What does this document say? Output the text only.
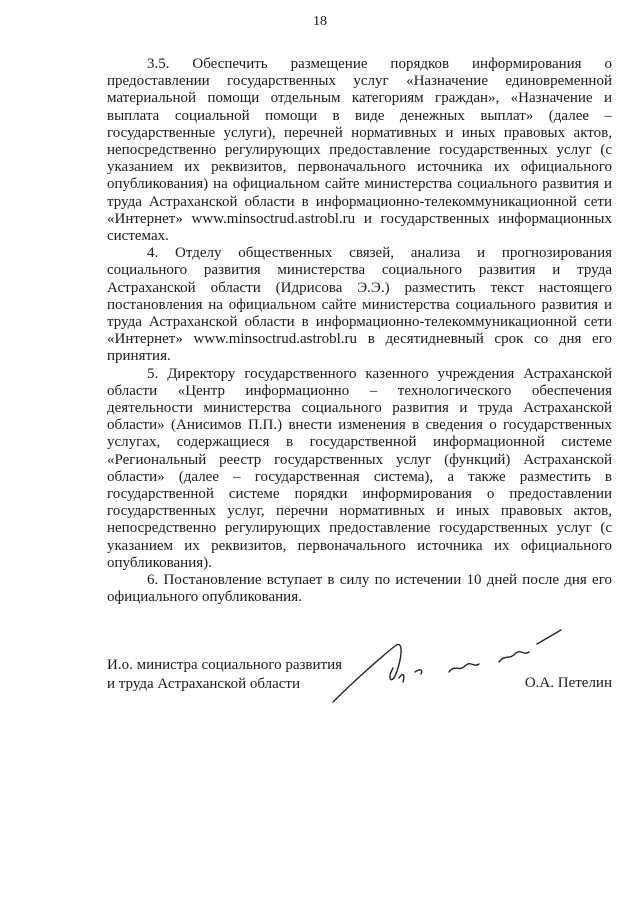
18

3.5. Обеспечить размещение порядков информирования о предоставлении государственных услуг «Назначение единовременной материальной помощи отдельным категориям граждан», «Назначение и выплата социальной помощи в виде денежных выплат» (далее – государственные услуги), перечней нормативных и иных правовых актов, непосредственно регулирующих предоставление государственных услуг (с указанием их реквизитов, первоначального источника их официального опубликования) на официальном сайте министерства социального развития и труда Астраханской области в информационно-телекоммуникационной сети «Интернет» www.minsoctrud.astrobl.ru и государственных информационных системах.

4. Отделу общественных связей, анализа и прогнозирования социального развития министерства социального развития и труда Астраханской области (Идрисова Э.Э.) разместить текст настоящего постановления на официальном сайте министерства социального развития и труда Астраханской области в информационно-телекоммуникационной сети «Интернет» www.minsoctrud.astrobl.ru в десятидневный срок со дня его принятия.

5. Директору государственного казенного учреждения Астраханской области «Центр информационно – технологического обеспечения деятельности министерства социального развития и труда Астраханской области» (Анисимов П.П.) внести изменения в сведения о государственных услугах, содержащиеся в государственной информационной системе «Региональный реестр государственных услуг (функций) Астраханской области» (далее – государственная система), а также разместить в государственной системе порядки информирования о предоставлении государственных услуг, перечни нормативных и иных правовых актов, непосредственно регулирующих предоставление государственных услуг (с указанием их реквизитов, первоначального источника их официального опубликования).

6. Постановление вступает в силу по истечении 10 дней после дня его официального опубликования.

И.о. министра социального развития
и труда Астраханской области	О.А. Петелин
